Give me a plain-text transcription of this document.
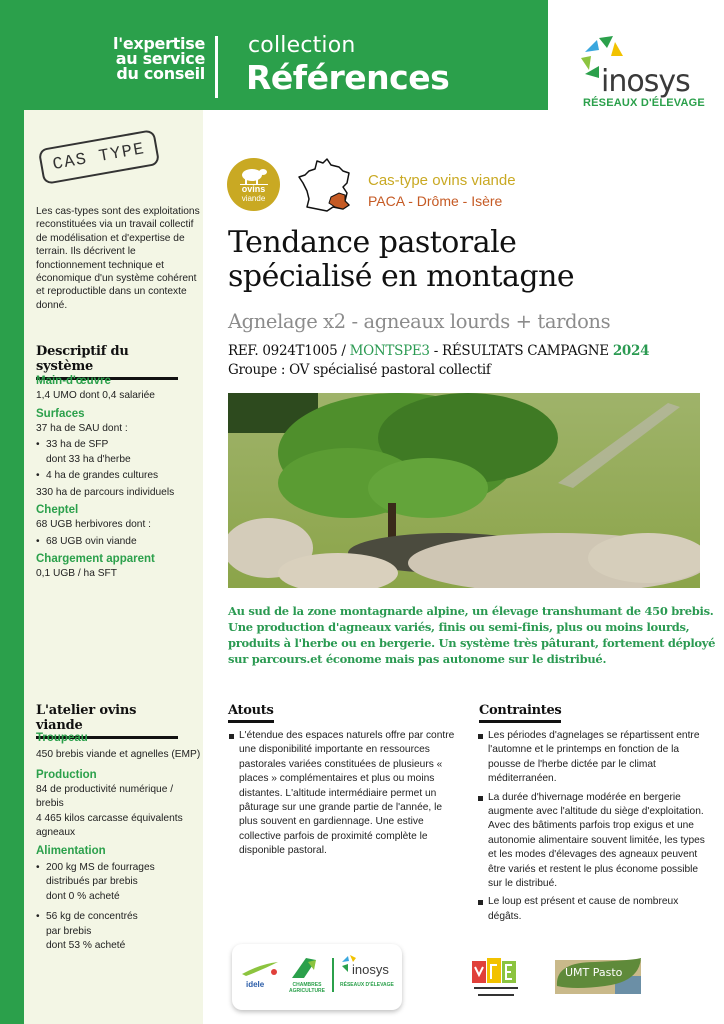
l'expertise
au service
du conseil
collection
Références	inosys
RÉSEAUX D'ÉLEVAGE
CAS TYPE
Les cas-types sont des exploitations reconstituées via un travail collectif de modélisation et d'expertise de terrain. Ils décrivent le fonctionnement technique et économique d'un système cohérent et reproductible dans un contexte donné.
Descriptif du système
Main-d'œuvre
1,4 UMO dont 0,4 salariée
Surfaces
37 ha de SAU dont :
• 33 ha de SFP
dont 33 ha d'herbe
• 4 ha de grandes cultures
330 ha de parcours individuels
Cheptel
68 UGB herbivores dont :
• 68 UGB ovin viande
Chargement apparent
0,1 UGB / ha SFT
L'atelier ovins viande
Troupeau
450 brebis viande et agnelles (EMP)
Production
84 de productivité numérique / brebis
4 465 kilos carcasse équivalents agneaux
Alimentation
• 200 kg MS de fourrages
distribués par brebis
dont 0 % acheté
• 56 kg de concentrés
par brebis
dont 53 % acheté
ovins
viande
Cas-type ovins viande
PACA - Drôme - Isère
Tendance pastorale
spécialisé en montagne
Agnelage x2 - agneaux lourds + tardons
REF. 0924T1005 / MONTSPE3 - RÉSULTATS CAMPAGNE 2024
Groupe : OV spécialisé pastoral collectif
Au sud de la zone montagnarde alpine, un élevage transhumant de 450 brebis. Une production d'agneaux variés, finis ou semi-finis, plus ou moins lourds, produits à l'herbe ou en bergerie. Un système très pâturant, fortement déployé sur parcours.et économe mais pas autonome sur le distribué.
Atouts
L'étendue des espaces naturels offre par contre une disponibilité importante en ressources pastorales variées constituées de plusieurs « places » complémentaires et plus ou moins distantes. L'altitude intermédiaire permet un pâturage sur une grande partie de l'année, le plus souvent en gardiennage. Une estive collective parfois de proximité complète le disponible pastoral.
Contraintes
Les périodes d'agnelages se répartissent entre l'automne et le printemps en fonction de la pousse de l'herbe dictée par le climat méditerranéen.
La durée d'hivernage modérée en bergerie augmente avec l'altitude du siège d'exploitation. Avec des bâtiments parfois trop exigus et une autonomie alimentaire souvent limitée, les types et les modes d'élevages des agneaux peuvent être variés et restent le plus économe possible sur le distribué.
Le loup est présent et cause de nombreux dégâts.
idele	CHAMBRES AGRICULTURE
inosys
RÉSEAUX D'ÉLEVAGE
UMT Pasto
